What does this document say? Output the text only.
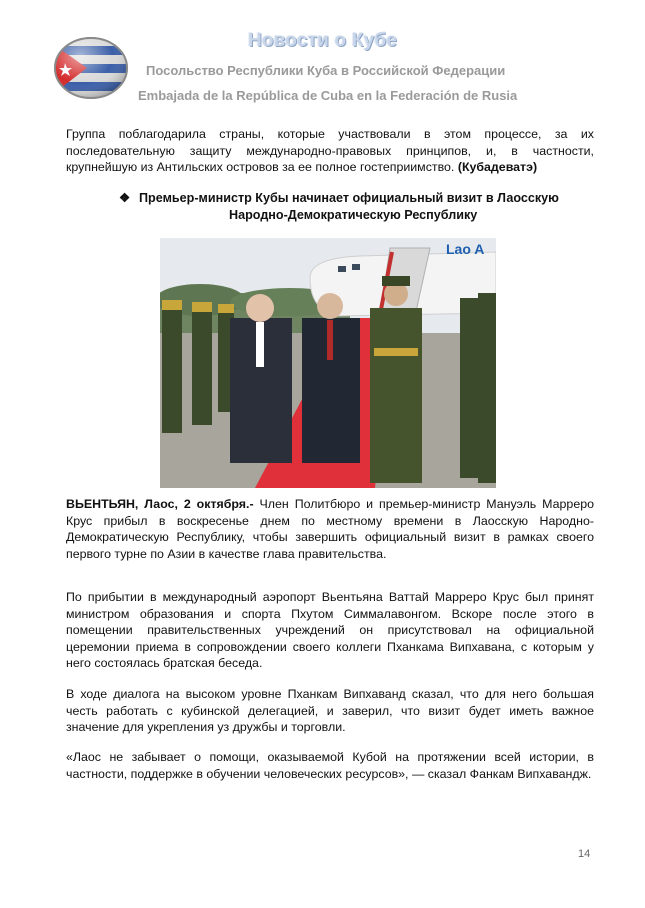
Новости о Кубе
Посольство Республики Куба в Российской Федерации
Embajada de la República de Cuba en la Federación de Rusia

Группа поблагодарила страны, которые участвовали в этом процессе, за их последовательную защиту международно-правовых принципов, и, в частности, крупнейшую из Антильских островов за ее полное гостеприимство. (Кубадеватэ)

❖ Премьер-министр Кубы начинает официальный визит в Лаосскую
Народно-Демократическую Республику
Lao A

ВЬЕНТЬЯН, Лаос, 2 октября.- Член Политбюро и премьер-министр Мануэль Марреро Крус прибыл в воскресенье днем по местному времени в Лаосскую Народно-Демократическую Республику, чтобы завершить официальный визит в рамках своего первого турне по Азии в качестве глава правительства.

По прибытии в международный аэропорт Вьентьяна Ваттай Марреро Крус был принят министром образования и спорта Пхутом Симмалавонгом. Вскоре после этого в помещении правительственных учреждений он присутствовал на официальной церемонии приема в сопровождении своего коллеги Пханкама Випхавана, с которым у него состоялась братская беседа.

В ходе диалога на высоком уровне Пханкам Випхаванд сказал, что для него большая честь работать с кубинской делегацией, и заверил, что визит будет иметь важное значение для укрепления уз дружбы и торговли.

«Лаос не забывает о помощи, оказываемой Кубой на протяжении всей истории, в частности, поддержке в обучении человеческих ресурсов», — сказал Фанкам Випхавандж.

14
